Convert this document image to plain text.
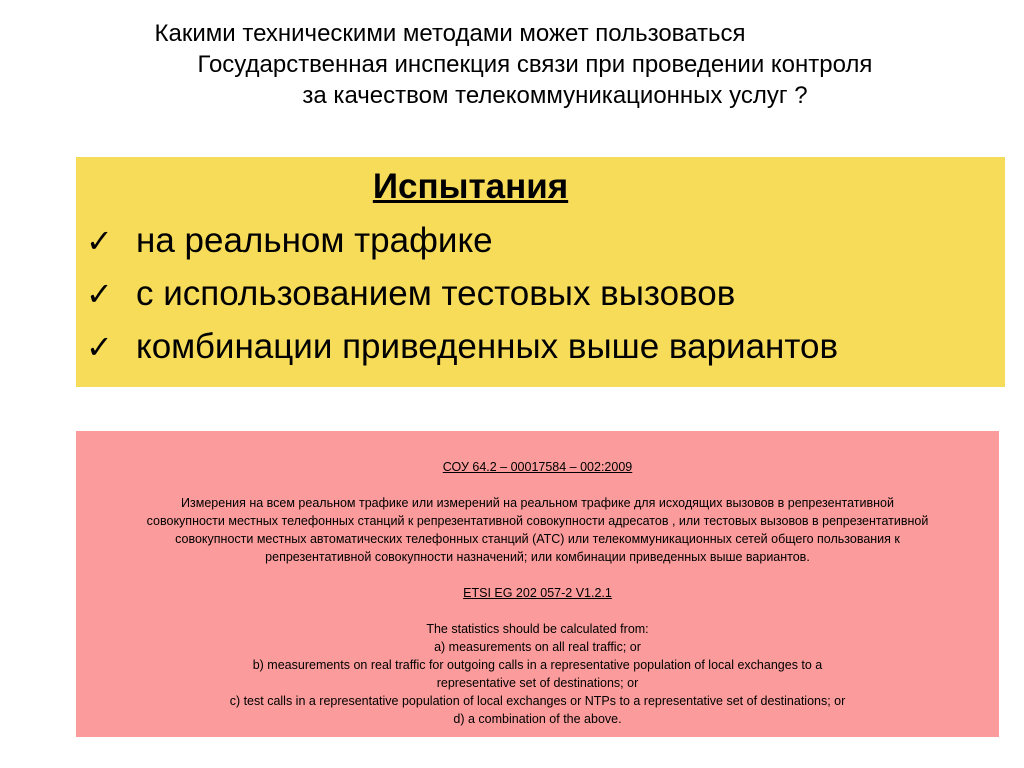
Какими техническими методами может пользоваться
Государственная инспекция связи при проведении контроля
за качеством телекоммуникационных услуг ?
Испытания
✓ на реальном трафике
✓ с использованием тестовых вызовов
✓ комбинации приведенных выше вариантов
СОУ 64.2 – 00017584 – 002:2009
Измерения на всем реальном трафике или измерений на реальном трафике для исходящих вызовов в репрезентативной
совокупности местных телефонных станций к репрезентативной совокупности адресатов , или тестовых вызовов в репрезентативной
совокупности местных автоматических телефонных станций (АТС) или телекоммуникационных сетей общего пользования к
репрезентативной совокупности назначений; или комбинации приведенных выше вариантов.
ETSI EG 202 057-2 V1.2.1
The statistics should be calculated from:
a) measurements on all real traffic; or
b) measurements on real traffic for outgoing calls in a representative population of local exchanges to a
representative set of destinations; or
c) test calls in a representative population of local exchanges or NTPs to a representative set of destinations; or
d) a combination of the above.
